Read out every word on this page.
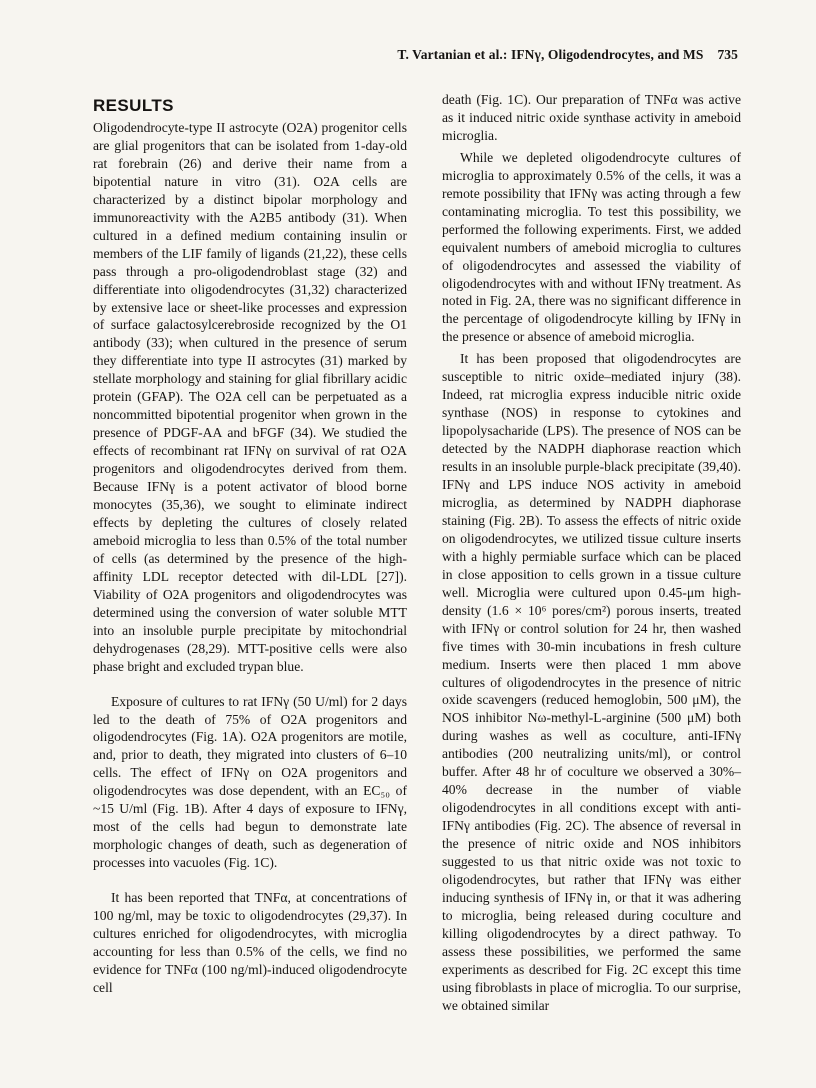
T. Vartanian et al.: IFNγ, Oligodendrocytes, and MS 735
RESULTS

Oligodendrocyte-type II astrocyte (O2A) progenitor cells are glial progenitors that can be isolated from 1-day-old rat forebrain (26) and derive their name from a bipotential nature in vitro (31). O2A cells are characterized by a distinct bipolar morphology and immunoreactivity with the A2B5 antibody (31). When cultured in a defined medium containing insulin or members of the LIF family of ligands (21,22), these cells pass through a pro-oligodendroblast stage (32) and differentiate into oligodendrocytes (31,32) characterized by extensive lace or sheet-like processes and expression of surface galactosylcerebroside recognized by the O1 antibody (33); when cultured in the presence of serum they differentiate into type II astrocytes (31) marked by stellate morphology and staining for glial fibrillary acidic protein (GFAP). The O2A cell can be perpetuated as a noncommitted bipotential progenitor when grown in the presence of PDGF-AA and bFGF (34). We studied the effects of recombinant rat IFNγ on survival of rat O2A progenitors and oligodendrocytes derived from them. Because IFNγ is a potent activator of blood borne monocytes (35,36), we sought to eliminate indirect effects by depleting the cultures of closely related ameboid microglia to less than 0.5% of the total number of cells (as determined by the presence of the high-affinity LDL receptor detected with dil-LDL [27]). Viability of O2A progenitors and oligodendrocytes was determined using the conversion of water soluble MTT into an insoluble purple precipitate by mitochondrial dehydrogenases (28,29). MTT-positive cells were also phase bright and excluded trypan blue.

Exposure of cultures to rat IFNγ (50 U/ml) for 2 days led to the death of 75% of O2A progenitors and oligodendrocytes (Fig. 1A). O2A progenitors are motile, and, prior to death, they migrated into clusters of 6–10 cells. The effect of IFNγ on O2A progenitors and oligodendrocytes was dose dependent, with an EC₅₀ of ~15 U/ml (Fig. 1B). After 4 days of exposure to IFNγ, most of the cells had begun to demonstrate late morphologic changes of death, such as degeneration of processes into vacuoles (Fig. 1C).

It has been reported that TNFα, at concentrations of 100 ng/ml, may be toxic to oligodendrocytes (29,37). In cultures enriched for oligodendrocytes, with microglia accounting for less than 0.5% of the cells, we find no evidence for TNFα (100 ng/ml)-induced oligodendrocyte cell

death (Fig. 1C). Our preparation of TNFα was active as it induced nitric oxide synthase activity in ameboid microglia.

While we depleted oligodendrocyte cultures of microglia to approximately 0.5% of the cells, it was a remote possibility that IFNγ was acting through a few contaminating microglia. To test this possibility, we performed the following experiments. First, we added equivalent numbers of ameboid microglia to cultures of oligodendrocytes and assessed the viability of oligodendrocytes with and without IFNγ treatment. As noted in Fig. 2A, there was no significant difference in the percentage of oligodendrocyte killing by IFNγ in the presence or absence of ameboid microglia.

It has been proposed that oligodendrocytes are susceptible to nitric oxide–mediated injury (38). Indeed, rat microglia express inducible nitric oxide synthase (NOS) in response to cytokines and lipopolysacharide (LPS). The presence of NOS can be detected by the NADPH diaphorase reaction which results in an insoluble purple-black precipitate (39,40). IFNγ and LPS induce NOS activity in ameboid microglia, as determined by NADPH diaphorase staining (Fig. 2B). To assess the effects of nitric oxide on oligodendrocytes, we utilized tissue culture inserts with a highly permiable surface which can be placed in close apposition to cells grown in a tissue culture well. Microglia were cultured upon 0.45-μm high-density (1.6 × 10⁶ pores/cm²) porous inserts, treated with IFNγ or control solution for 24 hr, then washed five times with 30-min incubations in fresh culture medium. Inserts were then placed 1 mm above cultures of oligodendrocytes in the presence of nitric oxide scavengers (reduced hemoglobin, 500 μM), the NOS inhibitor Nω-methyl-L-arginine (500 μM) both during washes as well as coculture, anti-IFNγ antibodies (200 neutralizing units/ml), or control buffer. After 48 hr of coculture we observed a 30%–40% decrease in the number of viable oligodendrocytes in all conditions except with anti-IFNγ antibodies (Fig. 2C). The absence of reversal in the presence of nitric oxide and NOS inhibitors suggested to us that nitric oxide was not toxic to oligodendrocytes, but rather that IFNγ was either inducing synthesis of IFNγ in, or that it was adhering to microglia, being released during coculture and killing oligodendrocytes by a direct pathway. To assess these possibilities, we performed the same experiments as described for Fig. 2C except this time using fibroblasts in place of microglia. To our surprise, we obtained similar
